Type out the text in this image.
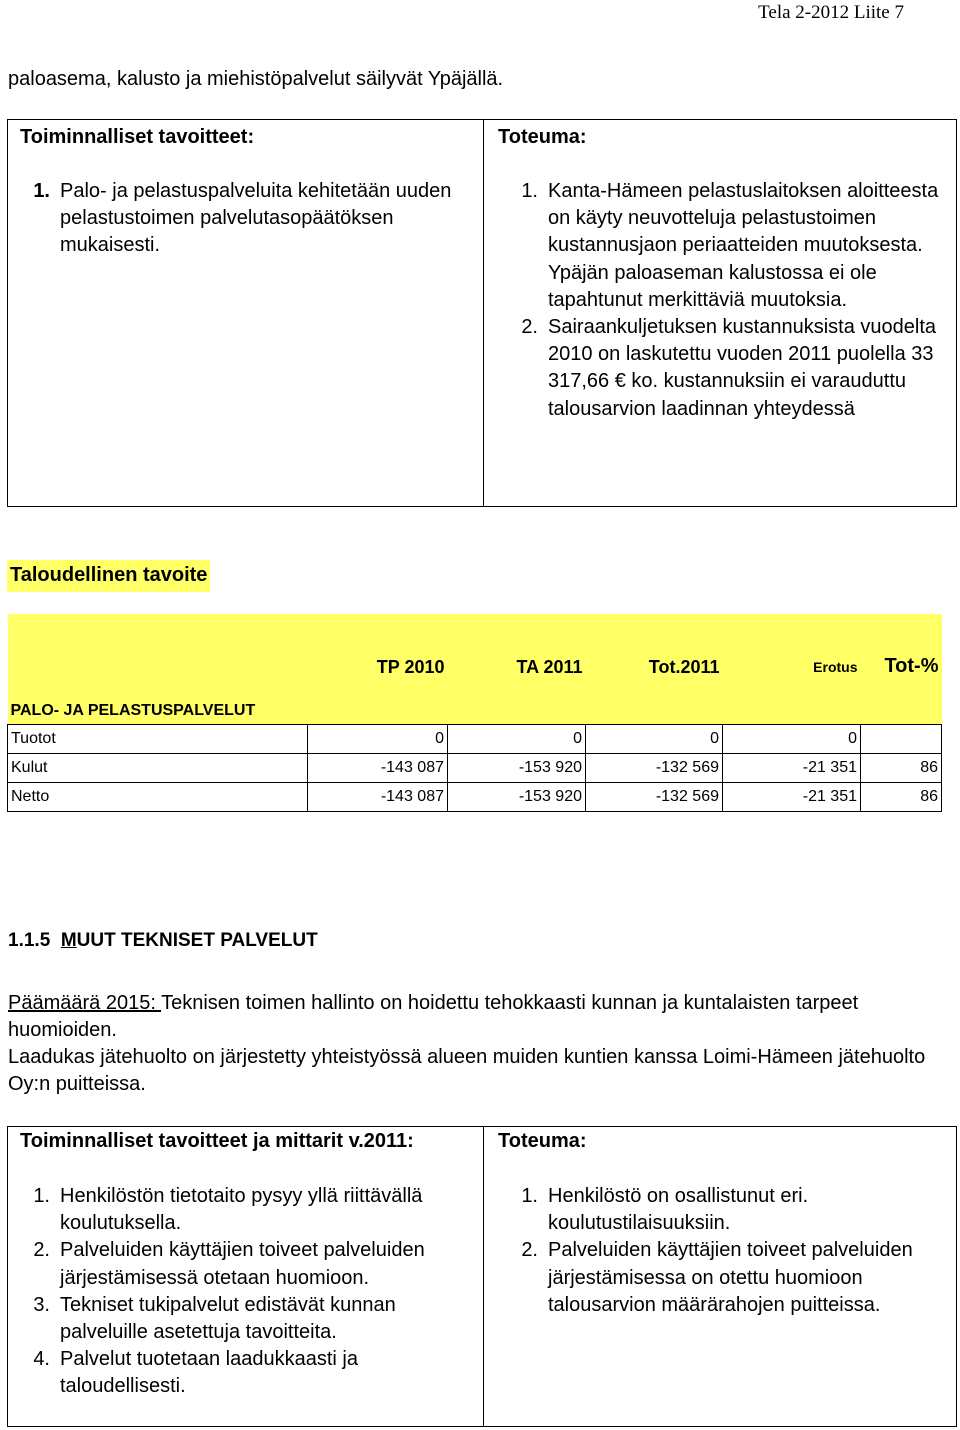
Tela 2-2012 Liite 7
paloasema, kalusto ja miehistöpalvelut säilyvät Ypäjällä.
Toiminnalliset tavoitteet:
1. Palo- ja pelastuspalveluita kehitetään uuden pelastustoimen palvelutasopäätöksen mukaisesti.
Toteuma:
1. Kanta-Hämeen pelastuslaitoksen aloitteesta on käyty neuvotteluja pelastustoimen kustannusjaon periaatteiden muutoksesta. Ypäjän paloaseman kalustossa ei ole tapahtunut merkittäviä muutoksia.
2. Sairaankuljetuksen kustannuksista vuodelta 2010 on laskutettu vuoden 2011 puolella 33 317,66 € ko. kustannuksiin ei varauduttu talousarvion laadinnan yhteydessä
Taloudellinen tavoite
	TP 2010	TA 2011	Tot.2011	Erotus	Tot-%
PALO- JA PELASTUSPALVELUT					
Tuotot	0	0	0	0	
Kulut	-143 087	-153 920	-132 569	-21 351	86
Netto	-143 087	-153 920	-132 569	-21 351	86
1.1.5 MUUT TEKNISET PALVELUT
Päämäärä 2015: Teknisen toimen hallinto on hoidettu tehokkaasti kunnan ja kuntalaisten tarpeet huomioiden.
Laadukas jätehuolto on järjestetty yhteistyössä alueen muiden kuntien kanssa Loimi-Hämeen jätehuolto Oy:n puitteissa.
Toiminnalliset tavoitteet ja mittarit v.2011:
1. Henkilöstön tietotaito pysyy yllä riittävällä koulutuksella.
2. Palveluiden käyttäjien toiveet palveluiden järjestämisessä otetaan huomioon.
3. Tekniset tukipalvelut edistävät kunnan palveluille asetettuja tavoitteita.
4. Palvelut tuotetaan laadukkaasti ja taloudellisesti.
Toteuma:
1. Henkilöstö on osallistunut eri. koulutustilaisuuksiin.
2. Palveluiden käyttäjien toiveet palveluiden järjestämisessa on otettu huomioon talousarvion määrärahojen puitteissa.
